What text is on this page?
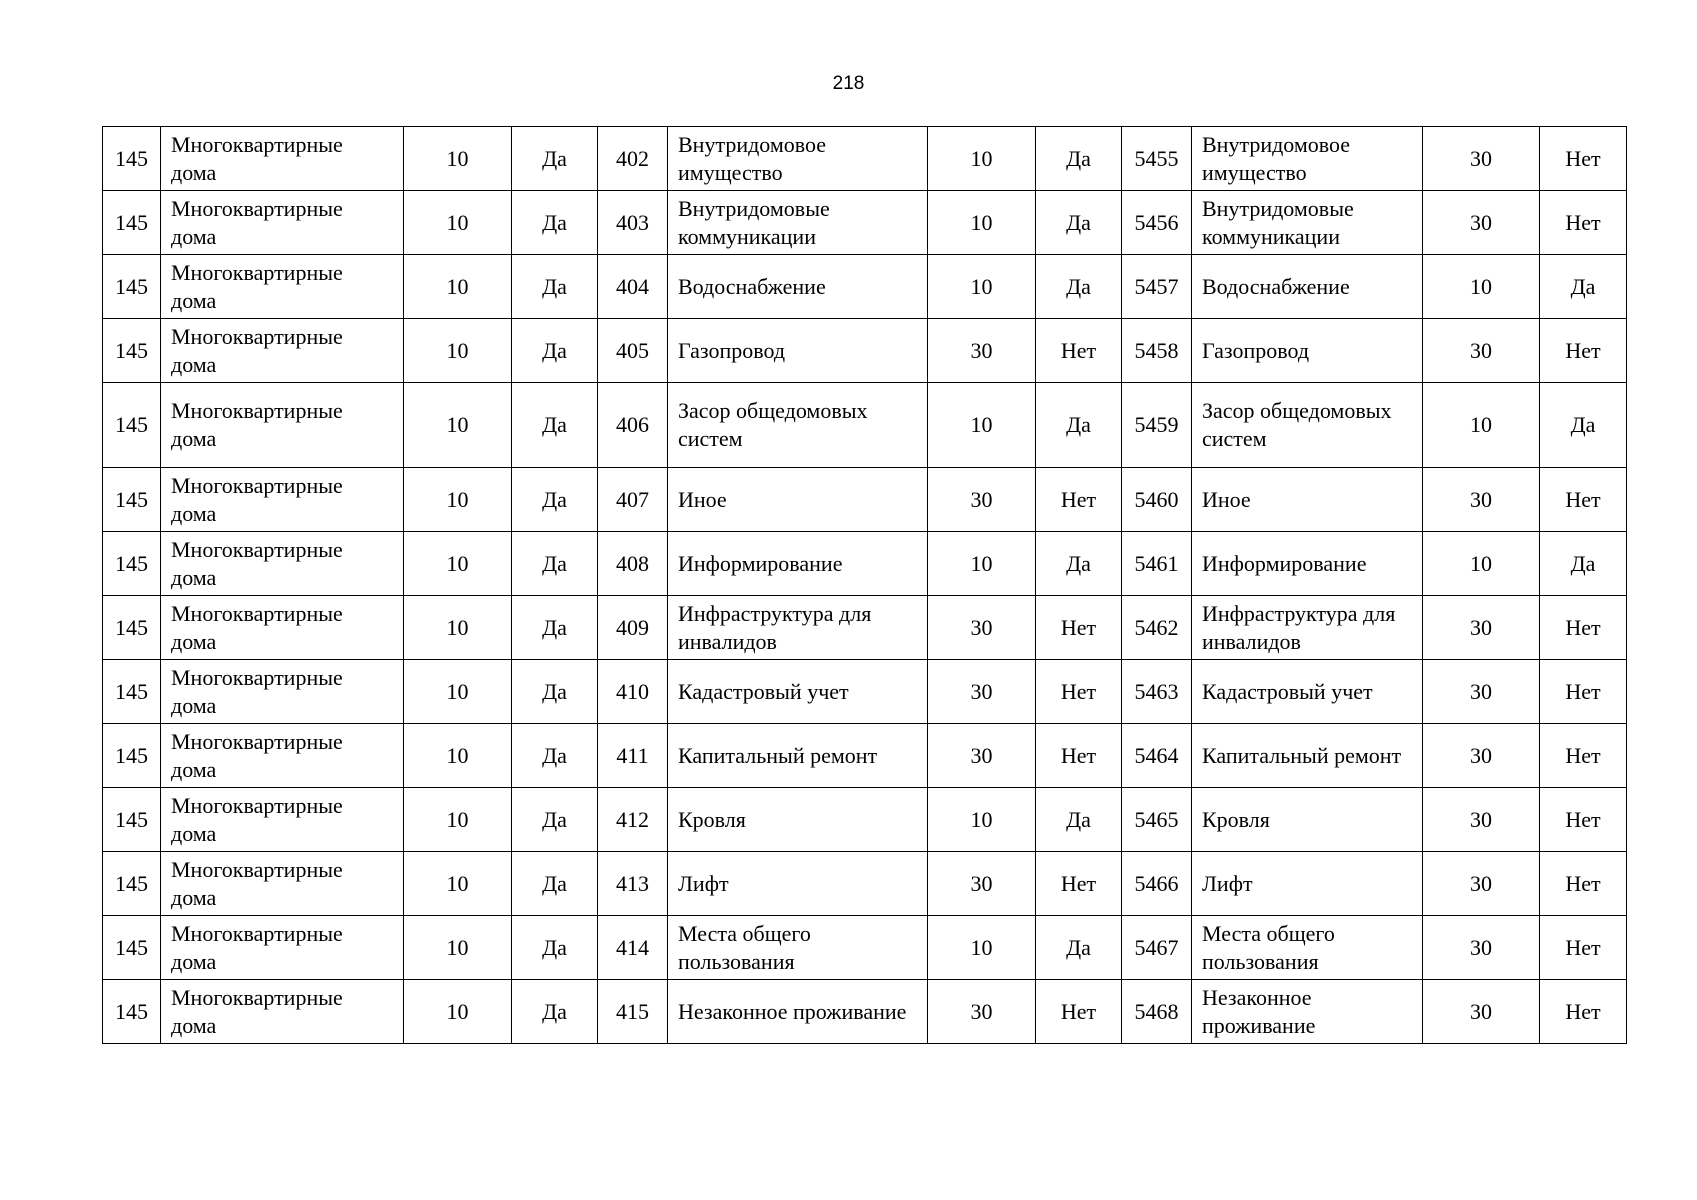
218
145	Многоквартирные дома	10	Да	402	Внутридомовое имущество	10	Да	5455	Внутридомовое имущество	30	Нет
145	Многоквартирные дома	10	Да	403	Внутридомовые коммуникации	10	Да	5456	Внутридомовые коммуникации	30	Нет
145	Многоквартирные дома	10	Да	404	Водоснабжение	10	Да	5457	Водоснабжение	10	Да
145	Многоквартирные дома	10	Да	405	Газопровод	30	Нет	5458	Газопровод	30	Нет
145	Многоквартирные дома	10	Да	406	Засор общедомовых систем	10	Да	5459	Засор общедомовых систем	10	Да
145	Многоквартирные дома	10	Да	407	Иное	30	Нет	5460	Иное	30	Нет
145	Многоквартирные дома	10	Да	408	Информирование	10	Да	5461	Информирование	10	Да
145	Многоквартирные дома	10	Да	409	Инфраструктура для инвалидов	30	Нет	5462	Инфраструктура для инвалидов	30	Нет
145	Многоквартирные дома	10	Да	410	Кадастровый учет	30	Нет	5463	Кадастровый учет	30	Нет
145	Многоквартирные дома	10	Да	411	Капитальный ремонт	30	Нет	5464	Капитальный ремонт	30	Нет
145	Многоквартирные дома	10	Да	412	Кровля	10	Да	5465	Кровля	30	Нет
145	Многоквартирные дома	10	Да	413	Лифт	30	Нет	5466	Лифт	30	Нет
145	Многоквартирные дома	10	Да	414	Места общего пользования	10	Да	5467	Места общего пользования	30	Нет
145	Многоквартирные дома	10	Да	415	Незаконное проживание	30	Нет	5468	Незаконное проживание	30	Нет
